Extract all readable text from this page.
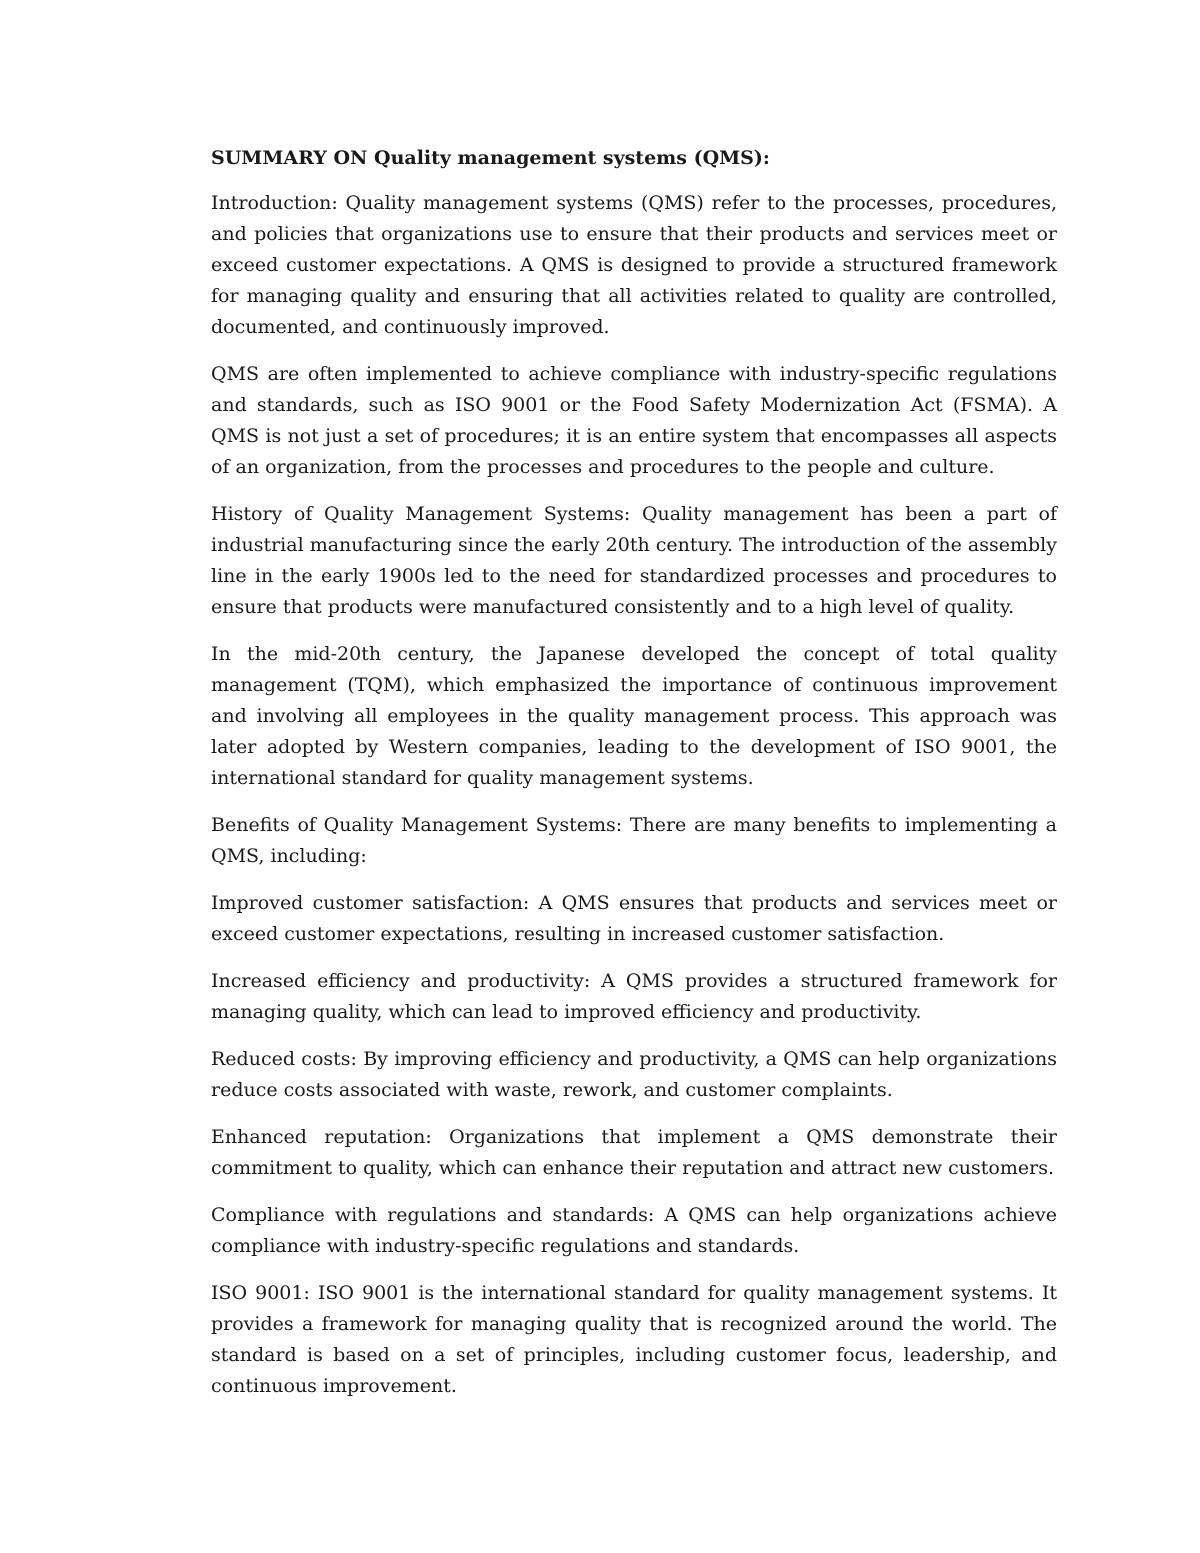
SUMMARY ON Quality management systems (QMS):

Introduction: Quality management systems (QMS) refer to the processes, procedures, and policies that organizations use to ensure that their products and services meet or exceed customer expectations. A QMS is designed to provide a structured framework for managing quality and ensuring that all activities related to quality are controlled, documented, and continuously improved.

QMS are often implemented to achieve compliance with industry-specific regulations and standards, such as ISO 9001 or the Food Safety Modernization Act (FSMA). A QMS is not just a set of procedures; it is an entire system that encompasses all aspects of an organization, from the processes and procedures to the people and culture.

History of Quality Management Systems: Quality management has been a part of industrial manufacturing since the early 20th century. The introduction of the assembly line in the early 1900s led to the need for standardized processes and procedures to ensure that products were manufactured consistently and to a high level of quality.

In the mid-20th century, the Japanese developed the concept of total quality management (TQM), which emphasized the importance of continuous improvement and involving all employees in the quality management process. This approach was later adopted by Western companies, leading to the development of ISO 9001, the international standard for quality management systems.

Benefits of Quality Management Systems: There are many benefits to implementing a QMS, including:

Improved customer satisfaction: A QMS ensures that products and services meet or exceed customer expectations, resulting in increased customer satisfaction.

Increased efficiency and productivity: A QMS provides a structured framework for managing quality, which can lead to improved efficiency and productivity.

Reduced costs: By improving efficiency and productivity, a QMS can help organizations reduce costs associated with waste, rework, and customer complaints.

Enhanced reputation: Organizations that implement a QMS demonstrate their commitment to quality, which can enhance their reputation and attract new customers.

Compliance with regulations and standards: A QMS can help organizations achieve compliance with industry-specific regulations and standards.

ISO 9001: ISO 9001 is the international standard for quality management systems. It provides a framework for managing quality that is recognized around the world. The standard is based on a set of principles, including customer focus, leadership, and continuous improvement.
